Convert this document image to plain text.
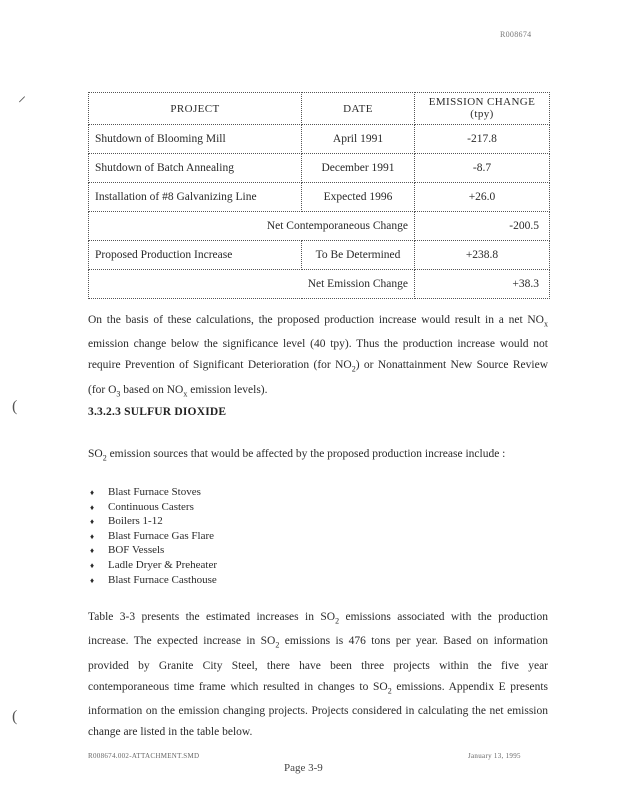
R008674
⸝
(
(
PROJECT	DATE	EMISSION CHANGE (tpy)
Shutdown of Blooming Mill	April 1991	-217.8
Shutdown of Batch Annealing	December 1991	-8.7
Installation of #8 Galvanizing Line	Expected 1996	+26.0
Net Contemporaneous Change		-200.5
Proposed Production Increase	To Be Determined	+238.8
Net Emission Change		+38.3

On the basis of these calculations, the proposed production increase would result in a net $NO_x$ emission change below the significance level (40 tpy). Thus the production increase would not require Prevention of Significant Deterioration (for $NO_2$) or Nonattainment New Source Review (for $O_3$ based on $NO_x$ emission levels).

3.3.2.3 SULFUR DIOXIDE

$SO_2$ emission sources that would be affected by the proposed production increase include :

♦ Blast Furnace Stoves
♦ Continuous Casters
♦ Boilers 1-12
♦ Blast Furnace Gas Flare
♦ BOF Vessels
♦ Ladle Dryer & Preheater
♦ Blast Furnace Casthouse

Table 3-3 presents the estimated increases in $SO_2$ emissions associated with the production increase. The expected increase in $SO_2$ emissions is 476 tons per year. Based on information provided by Granite City Steel, there have been three projects within the five year contemporaneous time frame which resulted in changes to $SO_2$ emissions. Appendix E presents information on the emission changing projects. Projects considered in calculating the net emission change are listed in the table below.

R008674.002-ATTACHMENT.SMD	January 13, 1995
Page 3-9
